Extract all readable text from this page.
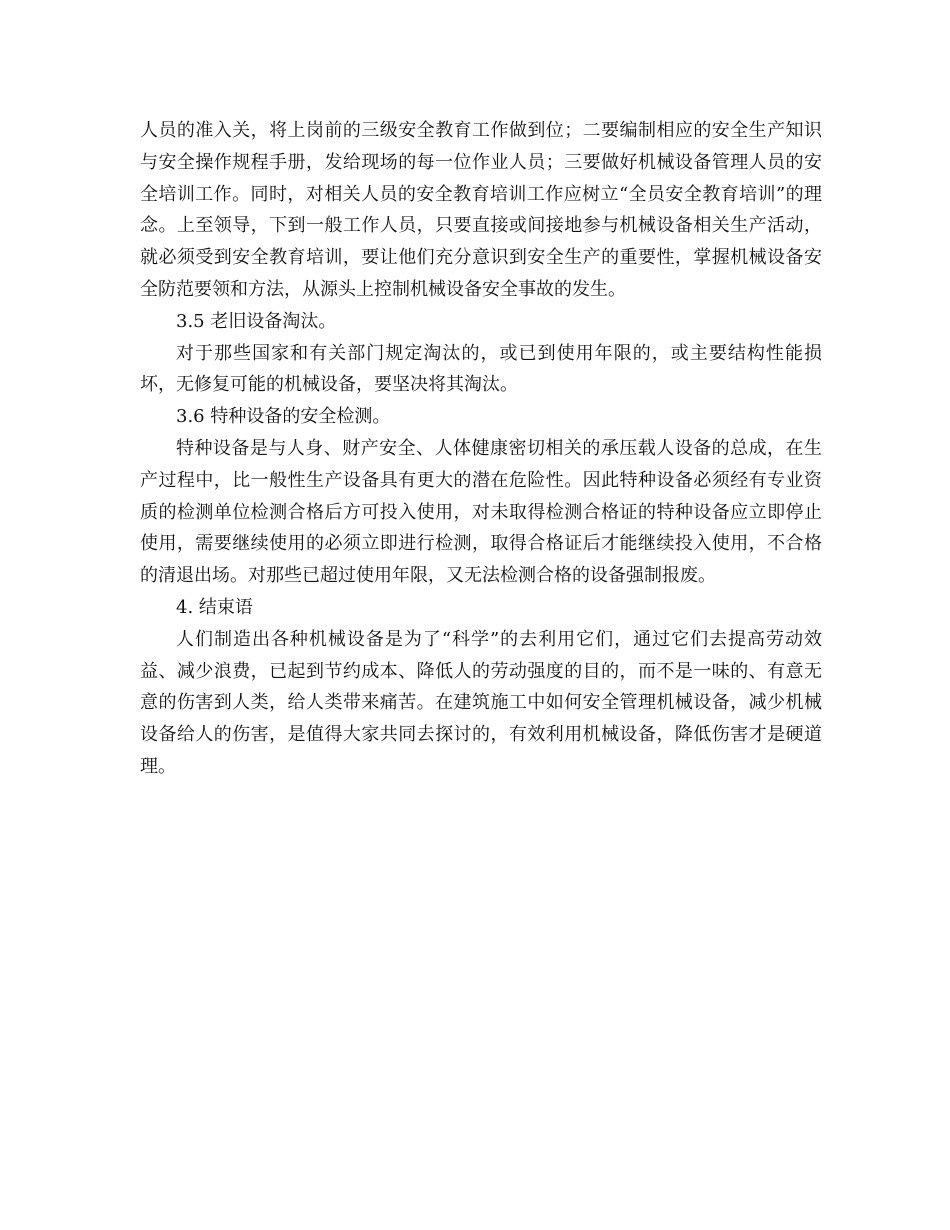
人员的准入关，将上岗前的三级安全教育工作做到位；二要编制相应的安全生产知识与安全操作规程手册，发给现场的每一位作业人员；三要做好机械设备管理人员的安全培训工作。同时，对相关人员的安全教育培训工作应树立“全员安全教育培训”的理念。上至领导，下到一般工作人员，只要直接或间接地参与机械设备相关生产活动，就必须受到安全教育培训，要让他们充分意识到安全生产的重要性，掌握机械设备安全防范要领和方法，从源头上控制机械设备安全事故的发生。

3.5 老旧设备淘汰。

对于那些国家和有关部门规定淘汰的，或已到使用年限的，或主要结构性能损坏，无修复可能的机械设备，要坚决将其淘汰。

3.6 特种设备的安全检测。

特种设备是与人身、财产安全、人体健康密切相关的承压载人设备的总成，在生产过程中，比一般性生产设备具有更大的潜在危险性。因此特种设备必须经有专业资质的检测单位检测合格后方可投入使用，对未取得检测合格证的特种设备应立即停止使用，需要继续使用的必须立即进行检测，取得合格证后才能继续投入使用，不合格的清退出场。对那些已超过使用年限，又无法检测合格的设备强制报废。

4. 结束语

人们制造出各种机械设备是为了“科学”的去利用它们，通过它们去提高劳动效益、减少浪费，已起到节约成本、降低人的劳动强度的目的，而不是一味的、有意无意的伤害到人类，给人类带来痛苦。在建筑施工中如何安全管理机械设备，减少机械设备给人的伤害，是值得大家共同去探讨的，有效利用机械设备，降低伤害才是硬道理。
